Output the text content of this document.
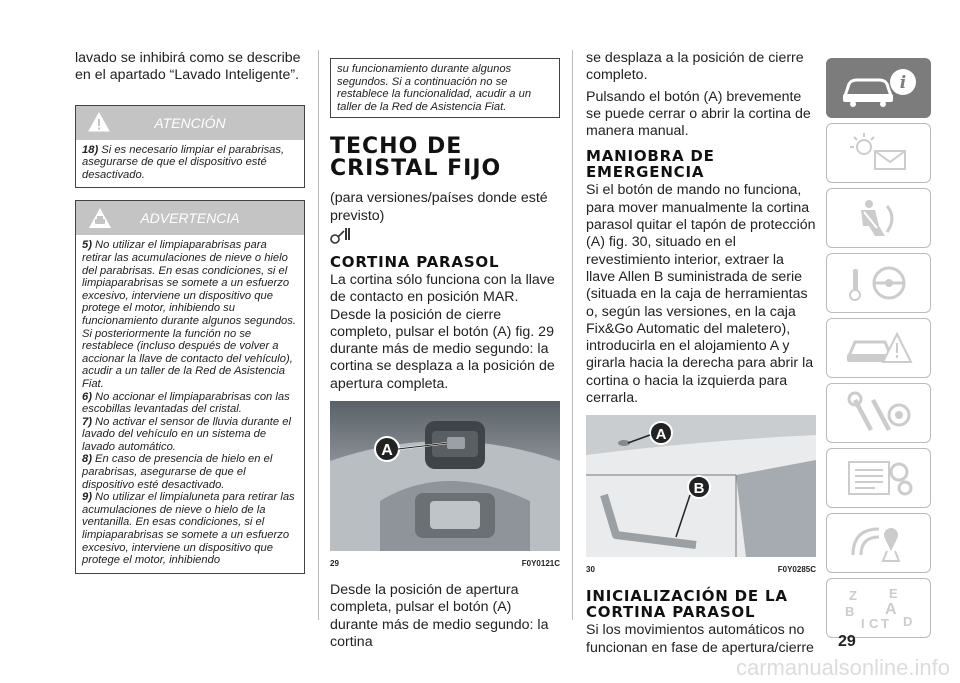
lavado se inhibirá como se describe en el apartado “Lavado Inteligente”.

ATENCIÓN

18) Si es necesario limpiar el parabrisas, asegurarse de que el dispositivo esté desactivado.

ADVERTENCIA

5) No utilizar el limpiaparabrisas para retirar las acumulaciones de nieve o hielo del parabrisas. En esas condiciones, si el limpiaparabrisas se somete a un esfuerzo excesivo, interviene un dispositivo que protege el motor, inhibiendo su funcionamiento durante algunos segundos. Si posteriormente la función no se restablece (incluso después de volver a accionar la llave de contacto del vehículo), acudir a un taller de la Red de Asistencia Fiat.

6) No accionar el limpiaparabrisas con las escobillas levantadas del cristal.

7) No activar el sensor de lluvia durante el lavado del vehículo en un sistema de lavado automático.

8) En caso de presencia de hielo en el parabrisas, asegurarse de que el dispositivo esté desactivado.

9) No utilizar el limpialuneta para retirar las acumulaciones de nieve o hielo de la ventanilla. En esas condiciones, si el limpiaparabrisas se somete a un esfuerzo excesivo, interviene un dispositivo que protege el motor, inhibiendo

su funcionamiento durante algunos segundos. Si a continuación no se restablece la funcionalidad, acudir a un taller de la Red de Asistencia Fiat.

TECHO DE CRISTAL FIJO

(para versiones/países donde esté previsto)

CORTINA PARASOL

La cortina sólo funciona con la llave de contacto en posición MAR. Desde la posición de cierre completo, pulsar el botón (A) fig. 29 durante más de medio segundo: la cortina se desplaza a la posición de apertura completa.

A
29	F0Y0121C

Desde la posición de apertura completa, pulsar el botón (A) durante más de medio segundo: la cortina

se desplaza a la posición de cierre completo.

Pulsando el botón (A) brevemente se puede cerrar o abrir la cortina de manera manual.

MANIOBRA DE EMERGENCIA

Si el botón de mando no funciona, para mover manualmente la cortina parasol quitar el tapón de protección (A) fig. 30, situado en el revestimiento interior, extraer la llave Allen B suministrada de serie (situada en la caja de herramientas o, según las versiones, en la caja Fix&Go Automatic del maletero), introducirla en el alojamiento A y girarla hacia la derecha para abrir la cortina o hacia la izquierda para cerrarla.

A
B
30	F0Y0285C

INICIALIZACIÓN DE LA CORTINA PARASOL

Si los movimientos automáticos no funcionan en fase de apertura/cierre

i
Z E
B A
I C T D
29
carmanualsonline.info
